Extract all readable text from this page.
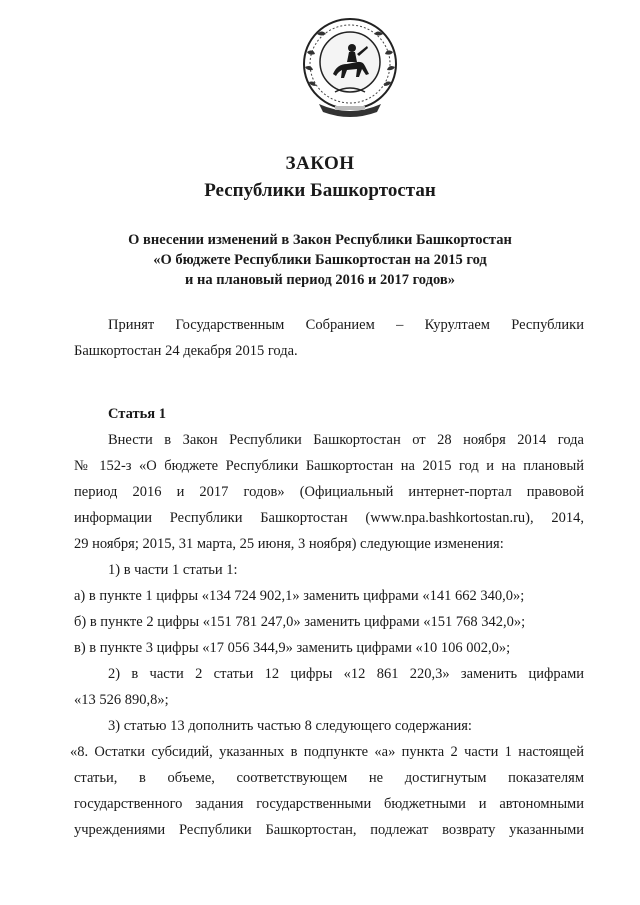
ЗАКОН
Республики Башкортостан
О внесении изменений в Закон Республики Башкортостан
«О бюджете Республики Башкортостан на 2015 год
и на плановый период 2016 и 2017 годов»
Принят Государственным Собранием – Курултаем Республики
Башкортостан 24 декабря 2015 года.
Статья 1
Внести в Закон Республики Башкортостан от 28 ноября 2014 года
№ 152-з «О бюджете Республики Башкортостан на 2015 год и на плановый
период 2016 и 2017 годов» (Официальный интернет-портал правовой
информации Республики Башкортостан (www.npa.bashkortostan.ru), 2014,
29 ноября; 2015, 31 марта, 25 июня, 3 ноября) следующие изменения:
1) в части 1 статьи 1:
а) в пункте 1 цифры «134 724 902,1» заменить цифрами «141 662 340,0»;
б) в пункте 2 цифры «151 781 247,0» заменить цифрами «151 768 342,0»;
в) в пункте 3 цифры «17 056 344,9» заменить цифрами «10 106 002,0»;
2) в части 2 статьи 12 цифры «12 861 220,3» заменить цифрами
«13 526 890,8»;
3) статью 13 дополнить частью 8 следующего содержания:
«8. Остатки субсидий, указанных в подпункте «а» пункта 2 части 1 настоящей
статьи, в объеме, соответствующем не достигнутым показателям
государственного задания государственными бюджетными и автономными
учреждениями Республики Башкортостан, подлежат возврату указанными
